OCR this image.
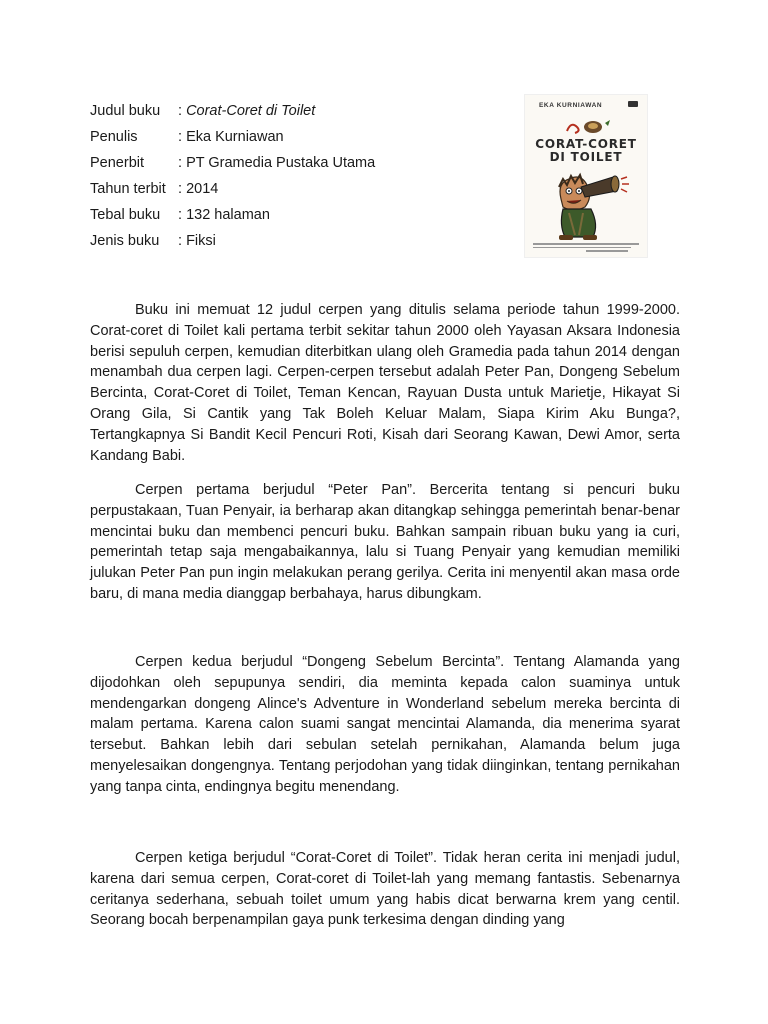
Judul buku	: Corat-Coret di Toilet
Penulis	: Eka Kurniawan
Penerbit	: PT Gramedia Pustaka Utama
Tahun terbit : 2014
Tebal buku	: 132 halaman
Jenis buku	: Fiksi
EKA KURNIAWAN
CORAT-CORET
DI TOILET

Buku ini memuat 12 judul cerpen yang ditulis selama periode tahun 1999-2000. Corat-coret di Toilet kali pertama terbit sekitar tahun 2000 oleh Yayasan Aksara Indonesia berisi sepuluh cerpen, kemudian diterbitkan ulang oleh Gramedia pada tahun 2014 dengan menambah dua cerpen lagi. Cerpen-cerpen tersebut adalah Peter Pan, Dongeng Sebelum Bercinta, Corat-Coret di Toilet, Teman Kencan, Rayuan Dusta untuk Marietje, Hikayat Si Orang Gila, Si Cantik yang Tak Boleh Keluar Malam, Siapa Kirim Aku Bunga?, Tertangkapnya Si Bandit Kecil Pencuri Roti, Kisah dari Seorang Kawan, Dewi Amor, serta Kandang Babi.

Cerpen pertama berjudul “Peter Pan”. Bercerita tentang si pencuri buku perpustakaan, Tuan Penyair, ia berharap akan ditangkap sehingga pemerintah benar-benar mencintai buku dan membenci pencuri buku. Bahkan sampain ribuan buku yang ia curi, pemerintah tetap saja mengabaikannya, lalu si Tuang Penyair yang kemudian memiliki julukan Peter Pan pun ingin melakukan perang gerilya. Cerita ini menyentil akan masa orde baru, di mana media dianggap berbahaya, harus dibungkam.

Cerpen kedua berjudul “Dongeng Sebelum Bercinta”. Tentang Alamanda yang dijodohkan oleh sepupunya sendiri, dia meminta kepada calon suaminya untuk mendengarkan dongeng Alince's Adventure in Wonderland sebelum mereka bercinta di malam pertama. Karena calon suami sangat mencintai Alamanda, dia menerima syarat tersebut. Bahkan lebih dari sebulan setelah pernikahan, Alamanda belum juga menyelesaikan dongengnya. Tentang perjodohan yang tidak diinginkan, tentang pernikahan yang tanpa cinta, endingnya begitu menendang.

Cerpen ketiga berjudul “Corat-Coret di Toilet”. Tidak heran cerita ini menjadi judul, karena dari semua cerpen, Corat-coret di Toilet-lah yang memang fantastis. Sebenarnya ceritanya sederhana, sebuah toilet umum yang habis dicat berwarna krem yang centil. Seorang bocah berpenampilan gaya punk terkesima dengan dinding yang
